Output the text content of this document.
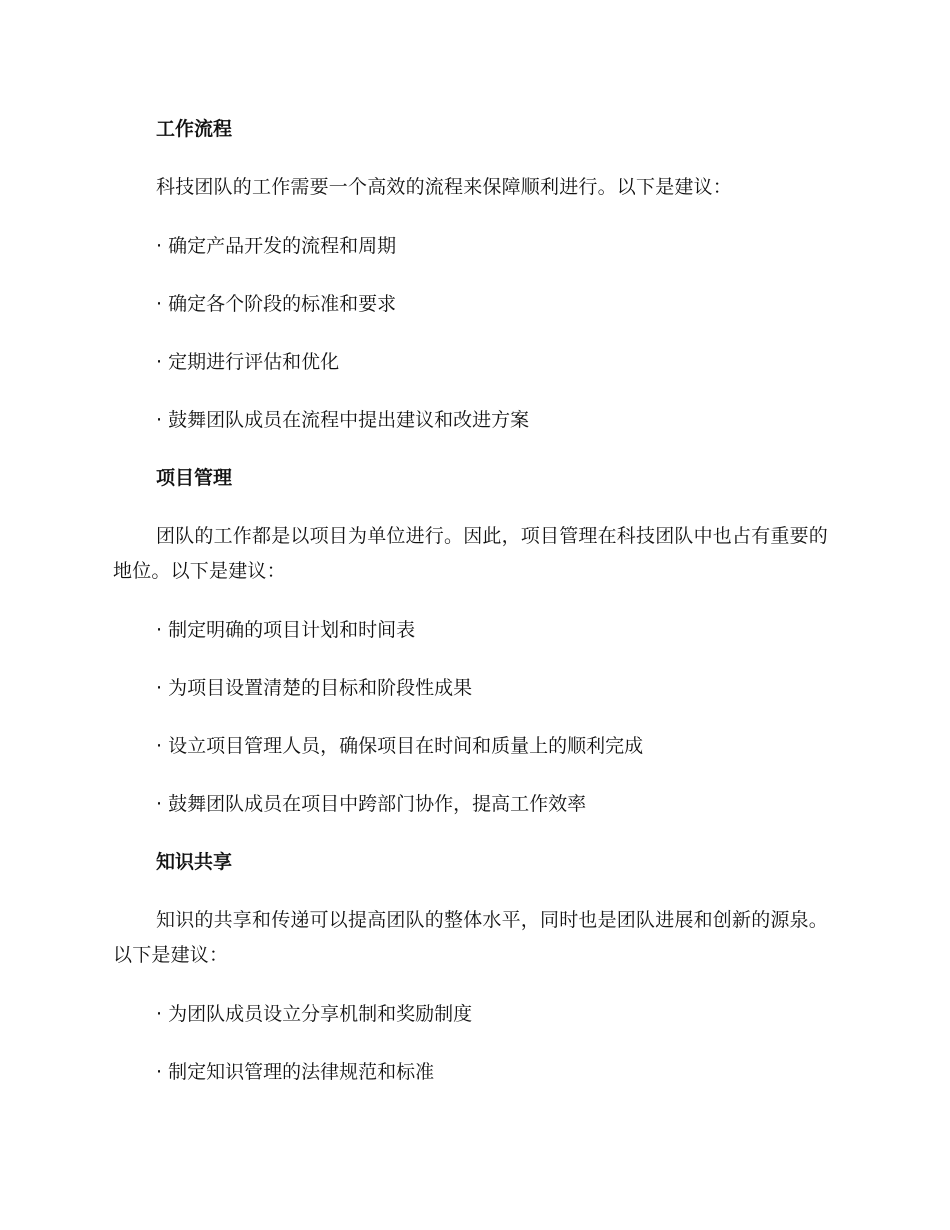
工作流程

科技团队的工作需要一个高效的流程来保障顺利进行。以下是建议：

· 确定产品开发的流程和周期

· 确定各个阶段的标准和要求

· 定期进行评估和优化

· 鼓舞团队成员在流程中提出建议和改进方案

项目管理

团队的工作都是以项目为单位进行。因此，项目管理在科技团队中也占有重要的地位。以下是建议：

· 制定明确的项目计划和时间表

· 为项目设置清楚的目标和阶段性成果

· 设立项目管理人员，确保项目在时间和质量上的顺利完成

· 鼓舞团队成员在项目中跨部门协作，提高工作效率

知识共享

知识的共享和传递可以提高团队的整体水平，同时也是团队进展和创新的源泉。以下是建议：

· 为团队成员设立分享机制和奖励制度

· 制定知识管理的法律规范和标准
